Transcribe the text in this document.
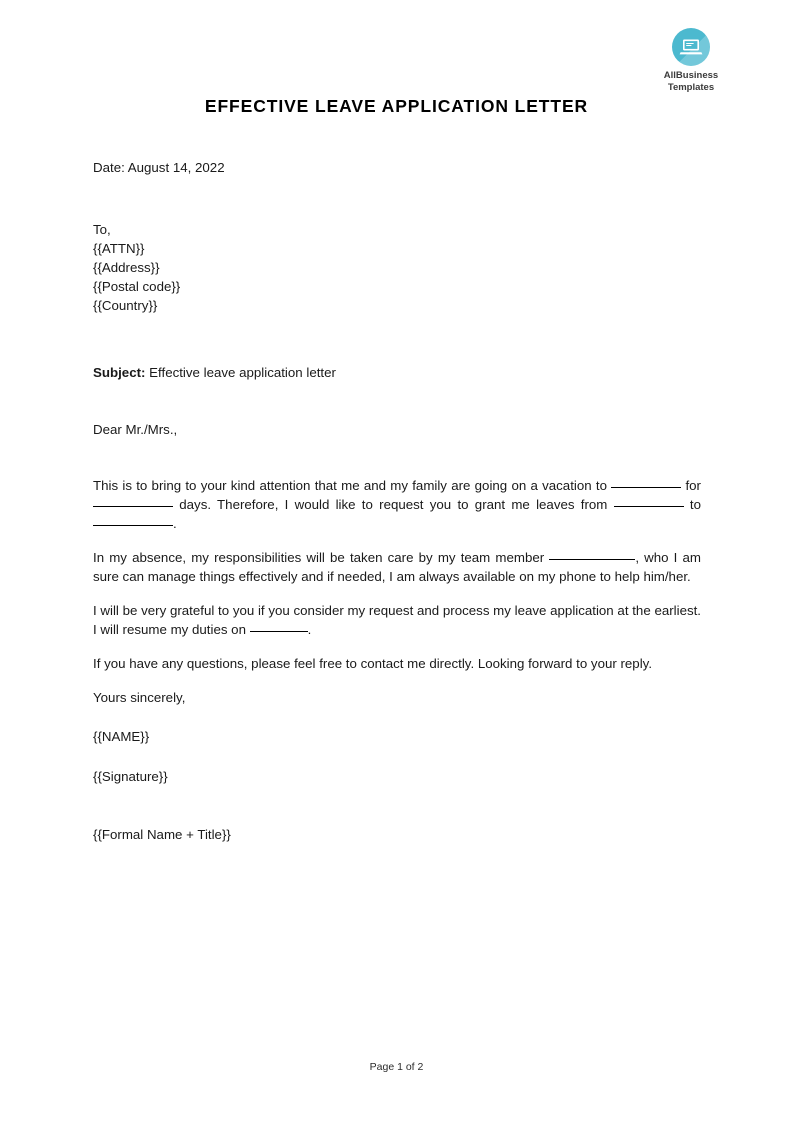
AllBusiness
Templates
EFFECTIVE LEAVE APPLICATION LETTER
Date: August 14, 2022
To,
{{ATTN}}
{{Address}}
{{Postal code}}
{{Country}}
Subject: Effective leave application letter
Dear Mr./Mrs.,

This is to bring to your kind attention that me and my family are going on a vacation to	for  days. Therefore, I would like to request you to grant me leaves from	to .

In my absence, my responsibilities will be taken care by my team member	, who I am sure can manage things effectively and if needed, I am always available on my phone to help him/her.

I will be very grateful to you if you consider my request and process my leave application at the earliest. I will resume my duties on	.

If you have any questions, please feel free to contact me directly. Looking forward to your reply.

Yours sincerely,
{{NAME}}
{{Signature}}
{{Formal Name + Title}}
Page 1 of 2
